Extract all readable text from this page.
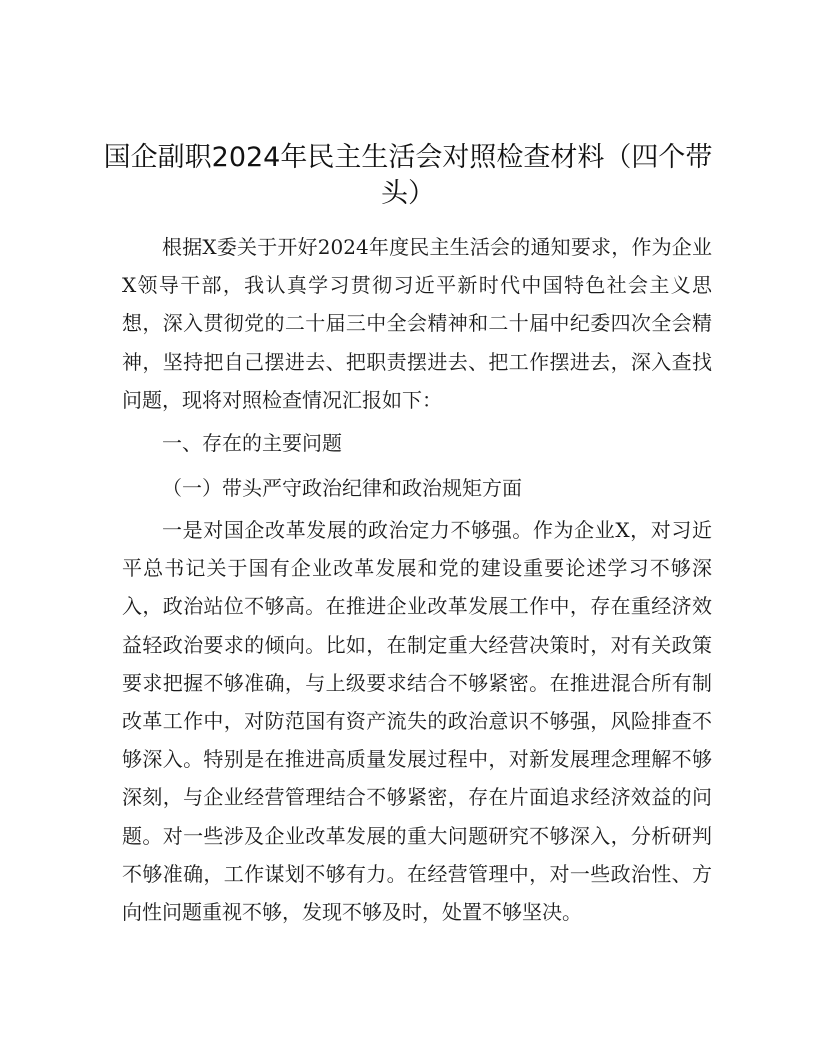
国企副职2024年民主生活会对照检查材料（四个带头）

根据X委关于开好2024年度民主生活会的通知要求，作为企业X领导干部，我认真学习贯彻习近平新时代中国特色社会主义思想，深入贯彻党的二十届三中全会精神和二十届中纪委四次全会精神，坚持把自己摆进去、把职责摆进去、把工作摆进去，深入查找问题，现将对照检查情况汇报如下：

一、存在的主要问题

（一）带头严守政治纪律和政治规矩方面

一是对国企改革发展的政治定力不够强。作为企业X，对习近平总书记关于国有企业改革发展和党的建设重要论述学习不够深入，政治站位不够高。在推进企业改革发展工作中，存在重经济效益轻政治要求的倾向。比如，在制定重大经营决策时，对有关政策要求把握不够准确，与上级要求结合不够紧密。在推进混合所有制改革工作中，对防范国有资产流失的政治意识不够强，风险排查不够深入。特别是在推进高质量发展过程中，对新发展理念理解不够深刻，与企业经营管理结合不够紧密，存在片面追求经济效益的问题。对一些涉及企业改革发展的重大问题研究不够深入，分析研判不够准确，工作谋划不够有力。在经营管理中，对一些政治性、方向性问题重视不够，发现不够及时，处置不够坚决。
